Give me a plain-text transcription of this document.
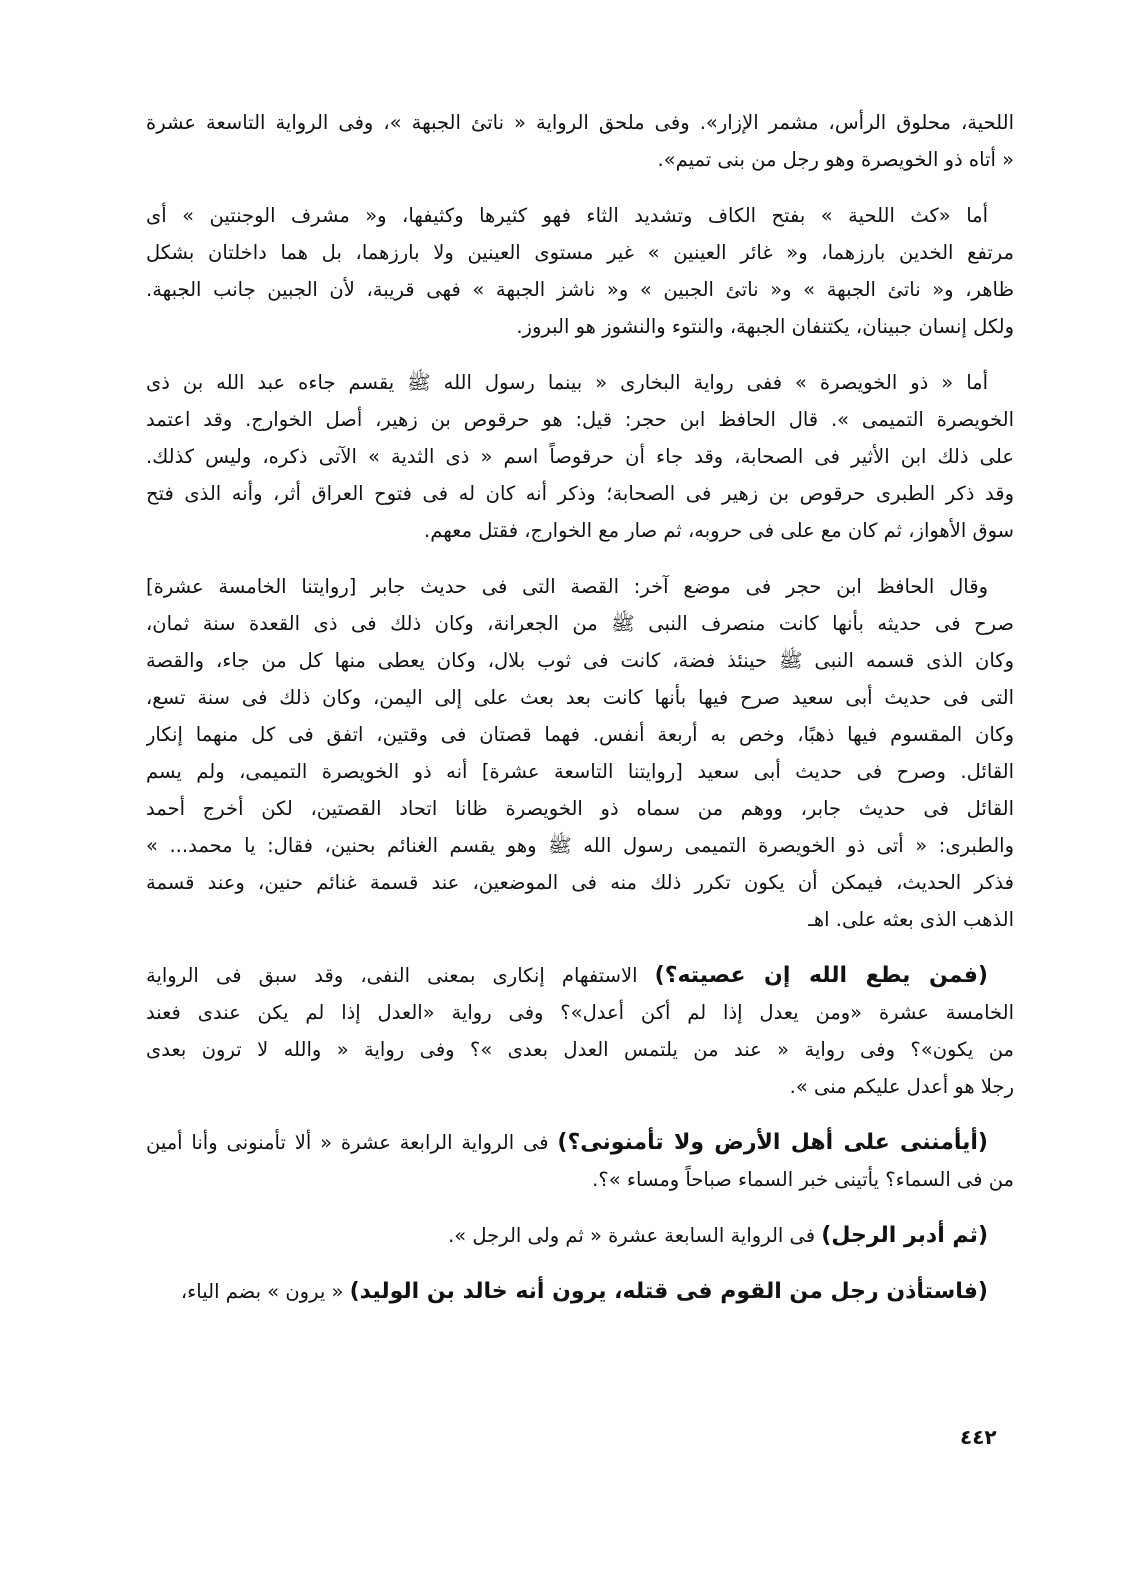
اللحية، محلوق الرأس، مشمر الإزار». وفى ملحق الرواية « ناتئ الجبهة »، وفى الرواية التاسعة عشرة
« أتاه ذو الخويصرة وهو رجل من بنى تميم».
أما «كث اللحية » بفتح الكاف وتشديد الثاء فهو كثيرها وكثيفها، و« مشرف الوجنتين » أى
مرتفع الخدين بارزهما، و« غائر العينين » غير مستوى العينين ولا بارزهما، بل هما داخلتان بشكل
ظاهر، و« ناتئ الجبهة » و« ناتئ الجبين » و« ناشز الجبهة » فهى قريبة، لأن الجبين جانب الجبهة.
ولكل إنسان جبينان، يكتنفان الجبهة، والنتوء والنشوز هو البروز.
أما « ذو الخويصرة » ففى رواية البخارى « بينما رسول الله ﷺ يقسم جاءه عبد الله بن ذى
الخويصرة التميمى ». قال الحافظ ابن حجر: قيل: هو حرقوص بن زهير، أصل الخوارج. وقد اعتمد
على ذلك ابن الأثير فى الصحابة، وقد جاء أن حرقوصاً اسم « ذى الثدية » الآتى ذكره، وليس كذلك.
وقد ذكر الطبرى حرقوص بن زهير فى الصحابة؛ وذكر أنه كان له فى فتوح العراق أثر، وأنه الذى فتح
سوق الأهواز، ثم كان مع على فى حروبه، ثم صار مع الخوارج، فقتل معهم.
وقال الحافظ ابن حجر فى موضع آخر: القصة التى فى حديث جابر [روايتنا الخامسة عشرة]
صرح فى حديثه بأنها كانت منصرف النبى ﷺ من الجعرانة، وكان ذلك فى ذى القعدة سنة ثمان،
وكان الذى قسمه النبى ﷺ حينئذ فضة، كانت فى ثوب بلال، وكان يعطى منها كل من جاء، والقصة
التى فى حديث أبى سعيد صرح فيها بأنها كانت بعد بعث على إلى اليمن، وكان ذلك فى سنة تسع،
وكان المقسوم فيها ذهبًا، وخص به أربعة أنفس. فهما قصتان فى وقتين، اتفق فى كل منهما إنكار
القائل. وصرح فى حديث أبى سعيد [روايتنا التاسعة عشرة] أنه ذو الخويصرة التميمى، ولم يسم
القائل فى حديث جابر، ووهم من سماه ذو الخويصرة ظانا اتحاد القصتين، لكن أخرج أحمد
والطبرى: « أتى ذو الخويصرة التميمى رسول الله ﷺ وهو يقسم الغنائم بحنين، فقال: يا محمد... »
فذكر الحديث، فيمكن أن يكون تكرر ذلك منه فى الموضعين، عند قسمة غنائم حنين، وعند قسمة
الذهب الذى بعثه على. اهـ
(فمن يطع الله إن عصيته؟) الاستفهام إنكارى بمعنى النفى، وقد سبق فى الرواية
الخامسة عشرة «ومن يعدل إذا لم أكن أعدل»؟ وفى رواية «العدل إذا لم يكن عندى فعند
من يكون»؟ وفى رواية « عند من يلتمس العدل بعدى »؟ وفى رواية « والله لا ترون بعدى
رجلا هو أعدل عليكم منى ».
(أيأمننى على أهل الأرض ولا تأمنونى؟) فى الرواية الرابعة عشرة « ألا تأمنونى وأنا أمين
من فى السماء؟ يأتينى خبر السماء صباحاً ومساء »؟.
(ثم أدبر الرجل) فى الرواية السابعة عشرة « ثم ولى الرجل ».
(فاستأذن رجل من القوم فى قتله، يرون أنه خالد بن الوليد) « يرون » بضم الياء،
٤٤٢
